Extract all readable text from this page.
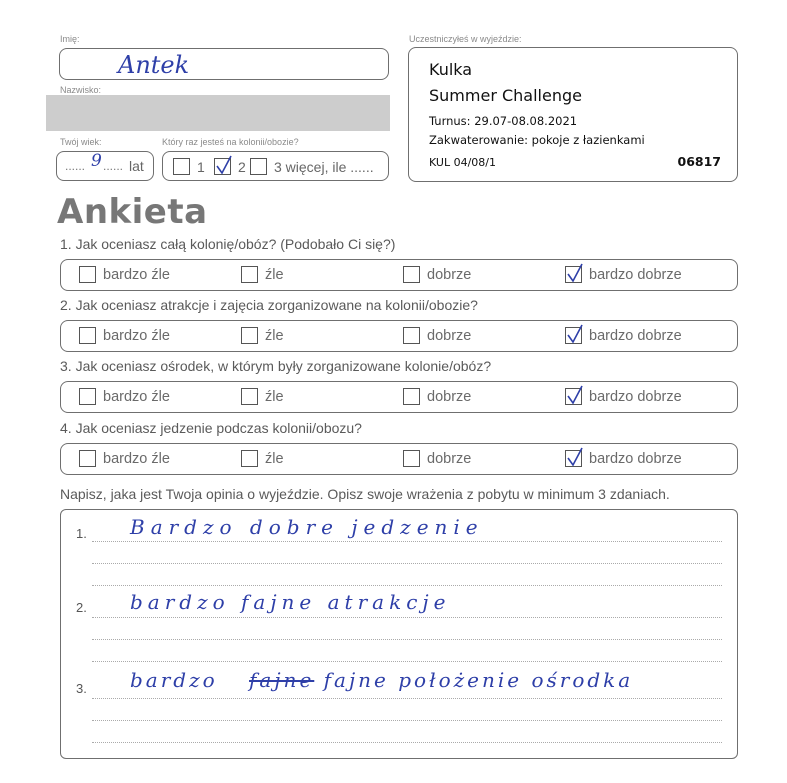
Imię:
Antek
Nazwisko:
Twój wiek:
...... 9 ...... lat
Który raz jesteś na kolonii/obozie?
1 2 3 więcej, ile ......
Uczestniczyłeś w wyjeździe:
Kulka
Summer Challenge
Turnus: 29.07-08.08.2021
Zakwaterowanie: pokoje z łazienkami
KUL 04/08/1	06817
Ankieta
1. Jak oceniasz całą kolonię/obóz? (Podobało Ci się?)
bardzo źle	źle	dobrze	bardzo dobrze
2. Jak oceniasz atrakcje i zajęcia zorganizowane na kolonii/obozie?
bardzo źle	źle	dobrze	bardzo dobrze
3. Jak oceniasz ośrodek, w którym były zorganizowane kolonie/obóz?
bardzo źle	źle	dobrze	bardzo dobrze
4. Jak oceniasz jedzenie podczas kolonii/obozu?
bardzo źle	źle	dobrze	bardzo dobrze
Napisz, jaka jest Twoja opinia o wyjeździe. Opisz swoje wrażenia z pobytu w minimum 3 zdaniach.
1. Bardzo dobre jedzenie
2. bardzo fajne atrakcje
3. bardzo fajne fajne położenie ośrodka
